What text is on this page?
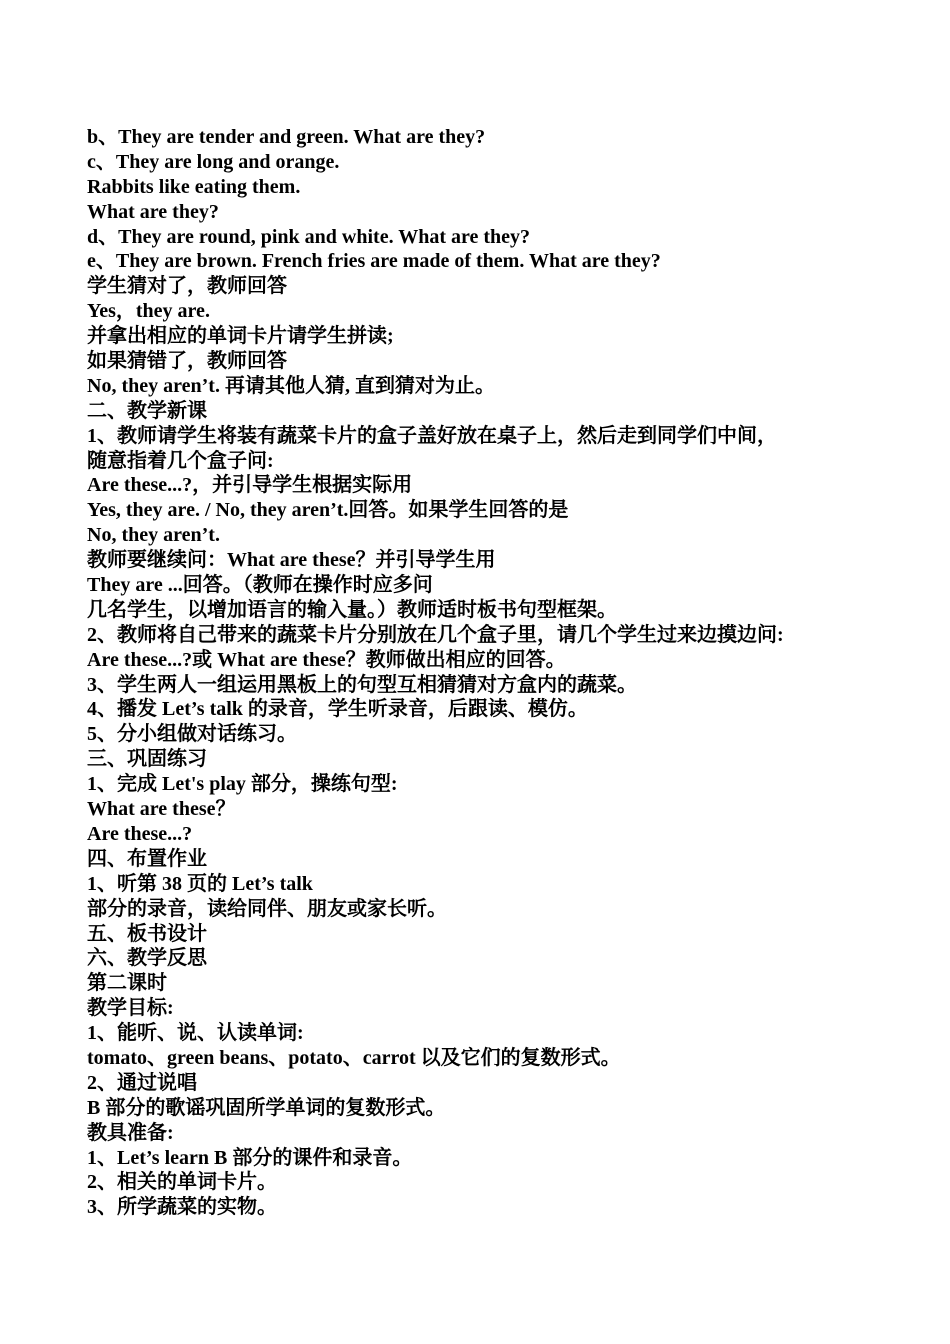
b、They are tender and green. What are they?
c、They are long and orange.
Rabbits like eating them.
What are they?
d、They are round, pink and white. What are they?
e、They are brown. French fries are made of them. What are they?
学生猜对了，教师回答
Yes，they are.
并拿出相应的单词卡片请学生拼读;
如果猜错了，教师回答
No, they aren’t. 再请其他人猜, 直到猜对为止。
二、教学新课
1、教师请学生将装有蔬菜卡片的盒子盖好放在桌子上，然后走到同学们中间，
随意指着几个盒子问:
Are these...?，并引导学生根据实际用
Yes, they are. / No, they aren’t.回答。如果学生回答的是
No, they aren’t.
教师要继续问：What are these？并引导学生用
They are ...回答。（教师在操作时应多问
几名学生，以增加语言的输入量。）教师适时板书句型框架。
2、教师将自己带来的蔬菜卡片分别放在几个盒子里，请几个学生过来边摸边问:
Are these...?或 What are these？教师做出相应的回答。
3、学生两人一组运用黑板上的句型互相猜猜对方盒内的蔬菜。
4、播发 Let’s talk 的录音，学生听录音，后跟读、模仿。
5、分小组做对话练习。
三、巩固练习
1、完成 Let's play 部分，操练句型:
What are these？
Are these...?
四、布置作业
1、听第 38 页的 Let’s talk
部分的录音，读给同伴、朋友或家长听。
五、板书设计
六、教学反思
第二课时
教学目标:
1、能听、说、认读单词:
tomato、green beans、potato、carrot 以及它们的复数形式。
2、通过说唱
B 部分的歌谣巩固所学单词的复数形式。
教具准备:
1、Let’s learn B 部分的课件和录音。
2、相关的单词卡片。
3、所学蔬菜的实物。
